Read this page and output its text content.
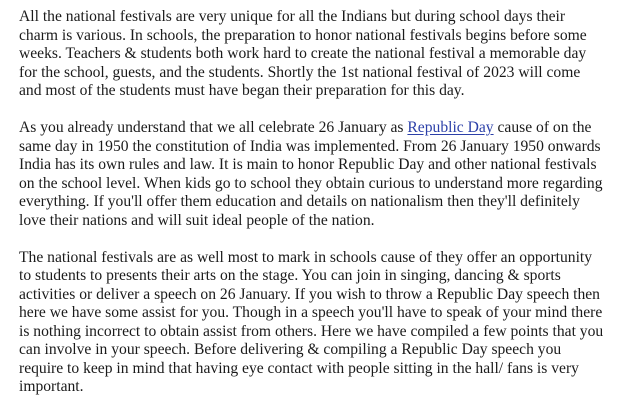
All the national festivals are very unique for all the Indians but during school days their
charm is various. In schools, the preparation to honor national festivals begins before some
weeks. Teachers & students both work hard to create the national festival a memorable day
for the school, guests, and the students. Shortly the 1st national festival of 2023 will come
and most of the students must have began their preparation for this day.

As you already understand that we all celebrate 26 January as Republic Day cause of on the
same day in 1950 the constitution of India was implemented. From 26 January 1950 onwards
India has its own rules and law. It is main to honor Republic Day and other national festivals
on the school level. When kids go to school they obtain curious to understand more regarding
everything. If you'll offer them education and details on nationalism then they'll definitely
love their nations and will suit ideal people of the nation.

The national festivals are as well most to mark in schools cause of they offer an opportunity
to students to presents their arts on the stage. You can join in singing, dancing & sports
activities or deliver a speech on 26 January. If you wish to throw a Republic Day speech then
here we have some assist for you. Though in a speech you'll have to speak of your mind there
is nothing incorrect to obtain assist from others. Here we have compiled a few points that you
can involve in your speech. Before delivering & compiling a Republic Day speech you
require to keep in mind that having eye contact with people sitting in the hall/ fans is very
important.
